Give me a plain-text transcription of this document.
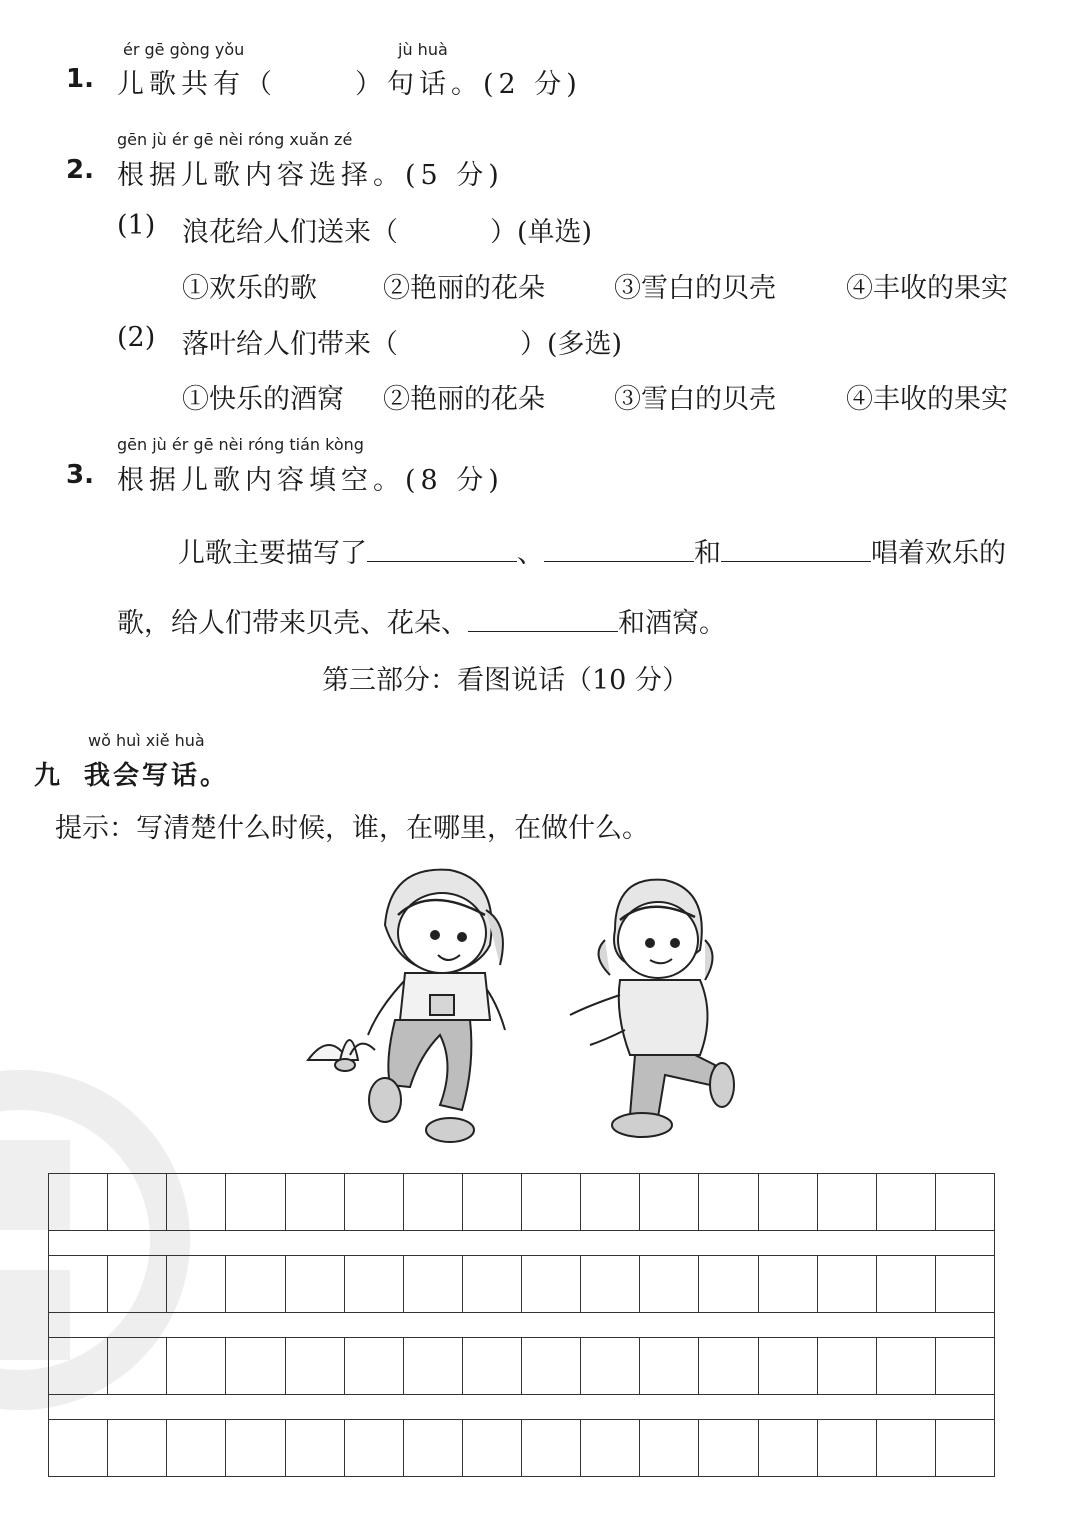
ér gē gòng yǒu	jù huà
1. 儿歌共有（	）句话。(2 分)
gēn jù ér gē nèi róng xuǎn zé
2. 根据儿歌内容选择。(5 分)
(1) 浪花给人们送来（	）(单选)
①欢乐的歌 ②艳丽的花朵	③雪白的贝壳	④丰收的果实
(2) 落叶给人们带来（	）(多选)
①快乐的酒窝 ②艳丽的花朵	③雪白的贝壳	④丰收的果实
gēn jù ér gē nèi róng tián kòng
3. 根据儿歌内容填空。(8 分)
儿歌主要描写了	、	和	唱着欢乐的
歌，给人们带来贝壳、花朵、	和酒窝。
第三部分：看图说话（10 分）
wǒ huì xiě huà
九 我会写话。
提示：写清楚什么时候，谁，在哪里，在做什么。
